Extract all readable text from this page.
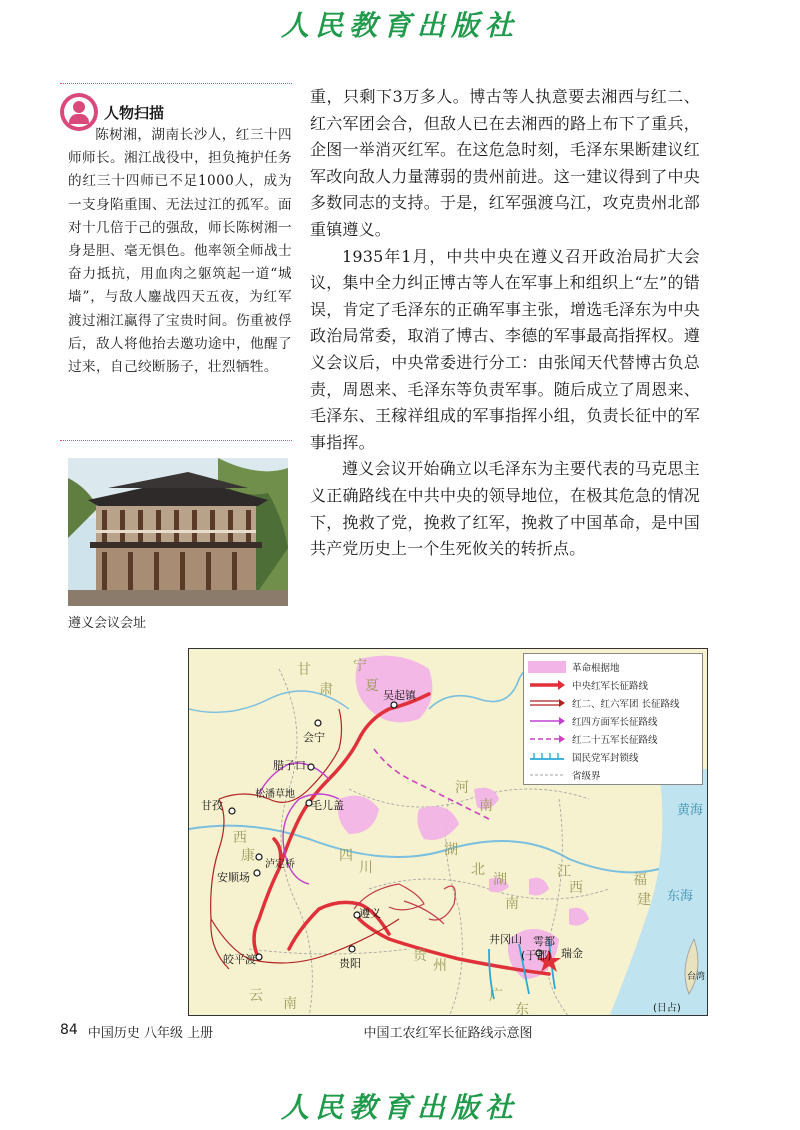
人民教育出版社
人物扫描
陈树湘，湖南长沙人，红三十四师师长。湘江战役中，担负掩护任务的红三十四师已不足1000人，成为一支身陷重围、无法过江的孤军。面对十几倍于己的强敌，师长陈树湘一身是胆、毫无惧色。他率领全师战士奋力抵抗，用血肉之躯筑起一道“城墙”，与敌人鏖战四天五夜，为红军渡过湘江赢得了宝贵时间。伤重被俘后，敌人将他抬去邀功途中，他醒了过来，自己绞断肠子，壮烈牺牲。
遵义会议会址

重，只剩下3万多人。博古等人执意要去湘西与红二、红六军团会合，但敌人已在去湘西的路上布下了重兵，企图一举消灭红军。在这危急时刻，毛泽东果断建议红军改向敌人力量薄弱的贵州前进。这一建议得到了中央多数同志的支持。于是，红军强渡乌江，攻克贵州北部重镇遵义。

1935年1月，中共中央在遵义召开政治局扩大会议，集中全力纠正博古等人在军事上和组织上“左”的错误，肯定了毛泽东的正确军事主张，增选毛泽东为中央政治局常委，取消了博古、李德的军事最高指挥权。遵义会议后，中央常委进行分工：由张闻天代替博古负总责，周恩来、毛泽东等负责军事。随后成立了周恩来、毛泽东、王稼祥组成的军事指挥小组，负责长征中的军事指挥。

遵义会议开始确立以毛泽东为主要代表的马克思主义正确路线在中共中央的领导地位，在极其危急的情况下，挽救了党，挽救了红军，挽救了中国革命，是中国共产党历史上一个生死攸关的转折点。

甘
肃
宁
夏
河
南
湖
北
西
康	四
川
贵
州
湖
南
江
西
广
东
福
建
云 南
黄海
东海
吴起镇
会宁
腊子口
松潘草地
毛儿盖
甘孜
泸定桥
安顺场
皎平渡
遵义
贵阳
井冈山 雩都
(于都) 瑞金
台湾
(日占)
革命根据地
中央红军长征路线
红二、红六军团 长征路线
红四方面军长征路线
红二十五军长征路线
国民党军封锁线
省级界
中国工农红军长征路线示意图
84 中国历史 八年级 上册
人民教育出版社
